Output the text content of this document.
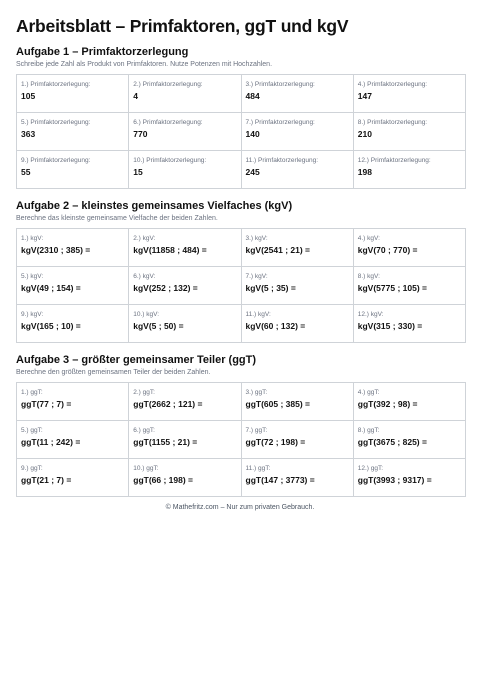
Arbeitsblatt – Primfaktoren, ggT und kgV
Aufgabe 1 – Primfaktorzerlegung
Schreibe jede Zahl als Produkt von Primfaktoren. Nutze Potenzen mit Hochzahlen.
1.) Primfaktorzerlegung:
105
2.) Primfaktorzerlegung:
4
3.) Primfaktorzerlegung:
484
4.) Primfaktorzerlegung:
147
5.) Primfaktorzerlegung:
363
6.) Primfaktorzerlegung:
770
7.) Primfaktorzerlegung:
140
8.) Primfaktorzerlegung:
210
9.) Primfaktorzerlegung:
55
10.) Primfaktorzerlegung:
15
11.) Primfaktorzerlegung:
245
12.) Primfaktorzerlegung:
198
Aufgabe 2 – kleinstes gemeinsames Vielfaches (kgV)
Berechne das kleinste gemeinsame Vielfache der beiden Zahlen.
1.) kgV:
kgV(2310 ; 385) =
2.) kgV:
kgV(11858 ; 484) =
3.) kgV:
kgV(2541 ; 21) =
4.) kgV:
kgV(70 ; 770) =
5.) kgV:
kgV(49 ; 154) =
6.) kgV:
kgV(252 ; 132) =
7.) kgV:
kgV(5 ; 35) =
8.) kgV:
kgV(5775 ; 105) =
9.) kgV:
kgV(165 ; 10) =
10.) kgV:
kgV(5 ; 50) =
11.) kgV:
kgV(60 ; 132) =
12.) kgV:
kgV(315 ; 330) =
Aufgabe 3 – größter gemeinsamer Teiler (ggT)
Berechne den größten gemeinsamen Teiler der beiden Zahlen.
1.) ggT:
ggT(77 ; 7) =
2.) ggT:
ggT(2662 ; 121) =
3.) ggT:
ggT(605 ; 385) =
4.) ggT:
ggT(392 ; 98) =
5.) ggT:
ggT(11 ; 242) =
6.) ggT:
ggT(1155 ; 21) =
7.) ggT:
ggT(72 ; 198) =
8.) ggT:
ggT(3675 ; 825) =
9.) ggT:
ggT(21 ; 7) =
10.) ggT:
ggT(66 ; 198) =
11.) ggT:
ggT(147 ; 3773) =
12.) ggT:
ggT(3993 ; 9317) =
© Mathefritz.com – Nur zum privaten Gebrauch.
